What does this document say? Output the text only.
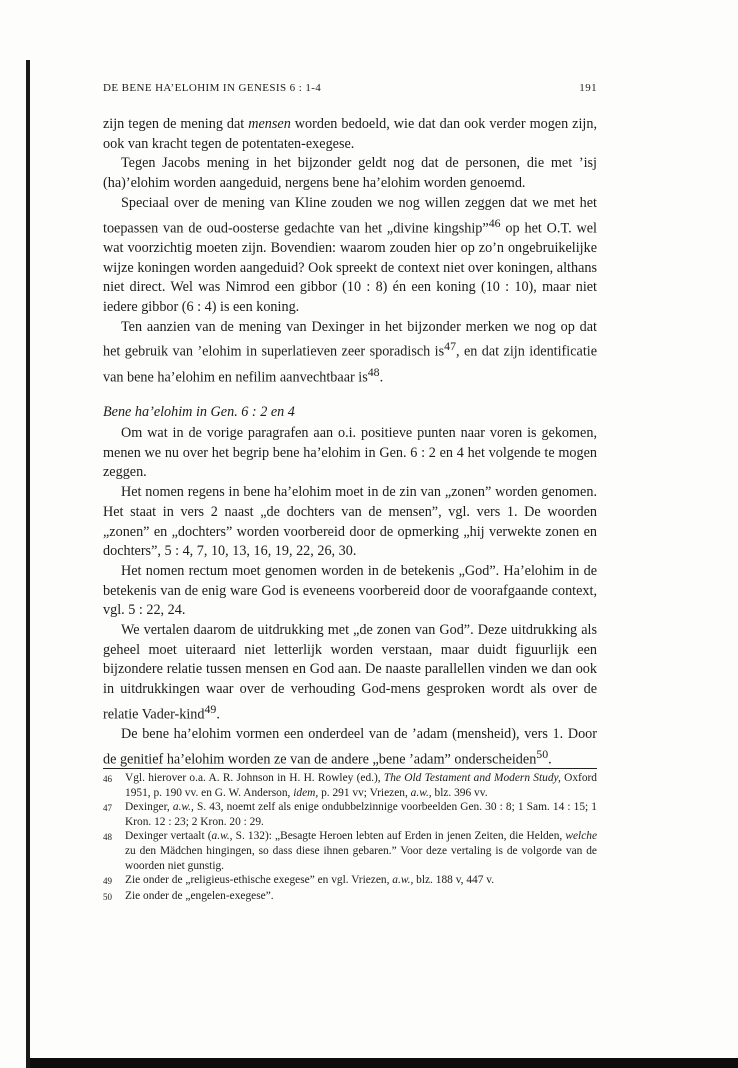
DE BENE HA’ELOHIM IN GENESIS 6 : 1-4	191

zijn tegen de mening dat mensen worden bedoeld, wie dat dan ook verder mogen zijn, ook van kracht tegen de potentaten-exegese.

Tegen Jacobs mening in het bijzonder geldt nog dat de personen, die met ’isj (ha)’elohim worden aangeduid, nergens bene ha’elohim worden genoemd.

Speciaal over de mening van Kline zouden we nog willen zeggen dat we met het toepassen van de oud-oosterse gedachte van het „divine kingship”$^{46}$ op het O.T. wel wat voorzichtig moeten zijn. Bovendien: waarom zouden hier op zo’n ongebruikelijke wijze koningen worden aangeduid? Ook spreekt de context niet over koningen, althans niet direct. Wel was Nimrod een gibbor (10 : 8) én een koning (10 : 10), maar niet iedere gibbor (6 : 4) is een koning.

Ten aanzien van de mening van Dexinger in het bijzonder merken we nog op dat het gebruik van ’elohim in superlatieven zeer sporadisch $is^{47}$, en dat zijn identificatie van bene ha’elohim en nefilim aanvechtbaar $is^{48}$.

Bene ha’elohim in Gen. 6 : 2 en 4

Om wat in de vorige paragrafen aan o.i. positieve punten naar voren is gekomen, menen we nu over het begrip bene ha’elohim in Gen. 6 : 2 en 4 het volgende te mogen zeggen.

Het nomen regens in bene ha’elohim moet in de zin van „zonen” worden genomen. Het staat in vers 2 naast „de dochters van de mensen”, vgl. vers 1. De woorden „zonen” en „dochters” worden voorbereid door de opmerking „hij verwekte zonen en dochters”, 5 : 4, 7, 10, 13, 16, 19, 22, 26, 30.

Het nomen rectum moet genomen worden in de betekenis „God”. Ha’elohim in de betekenis van de enig ware God is eveneens voorbereid door de voorafgaande context, vgl. 5 : 22, 24.

We vertalen daarom de uitdrukking met „de zonen van God”. Deze uitdrukking als geheel moet uiteraard niet letterlijk worden verstaan, maar duidt figuurlijk een bijzondere relatie tussen mensen en God aan. De naaste parallellen vinden we dan ook in uitdrukkingen waar over de verhouding God-mens gesproken wordt als over de relatie Vader-kind$^{49}$.

De bene ha’elohim vormen een onderdeel van de ’adam (mensheid), vers 1. Door de genitief ha’elohim worden ze van de andere „bene ’adam” onderscheiden$^{50}$.

46	Vgl. hierover o.a. A. R. Johnson in H. H. Rowley (ed.), The Old Testament and Modern Study, Oxford 1951, p. 190 vv. en G. W. Anderson, idem, p. 291 vv; Vriezen, a.w., blz. 396 vv.
47	Dexinger, a.w., S. 43, noemt zelf als enige ondubbelzinnige voorbeelden Gen. 30 : 8; 1 Sam. 14 : 15; 1 Kron. 12 : 23; 2 Kron. 20 : 29.
48	Dexinger vertaalt (a.w., S. 132): „Besagte Heroen lebten auf Erden in jenen Zeiten, die Helden, welche zu den Mädchen hingingen, so dass diese ihnen gebaren.” Voor deze vertaling is de volgorde van de woorden niet gunstig.
49	Zie onder de „religieus-ethische exegese” en vgl. Vriezen, a.w., blz. 188 v, 447 v.
50	Zie onder de „engelen-exegese”.
